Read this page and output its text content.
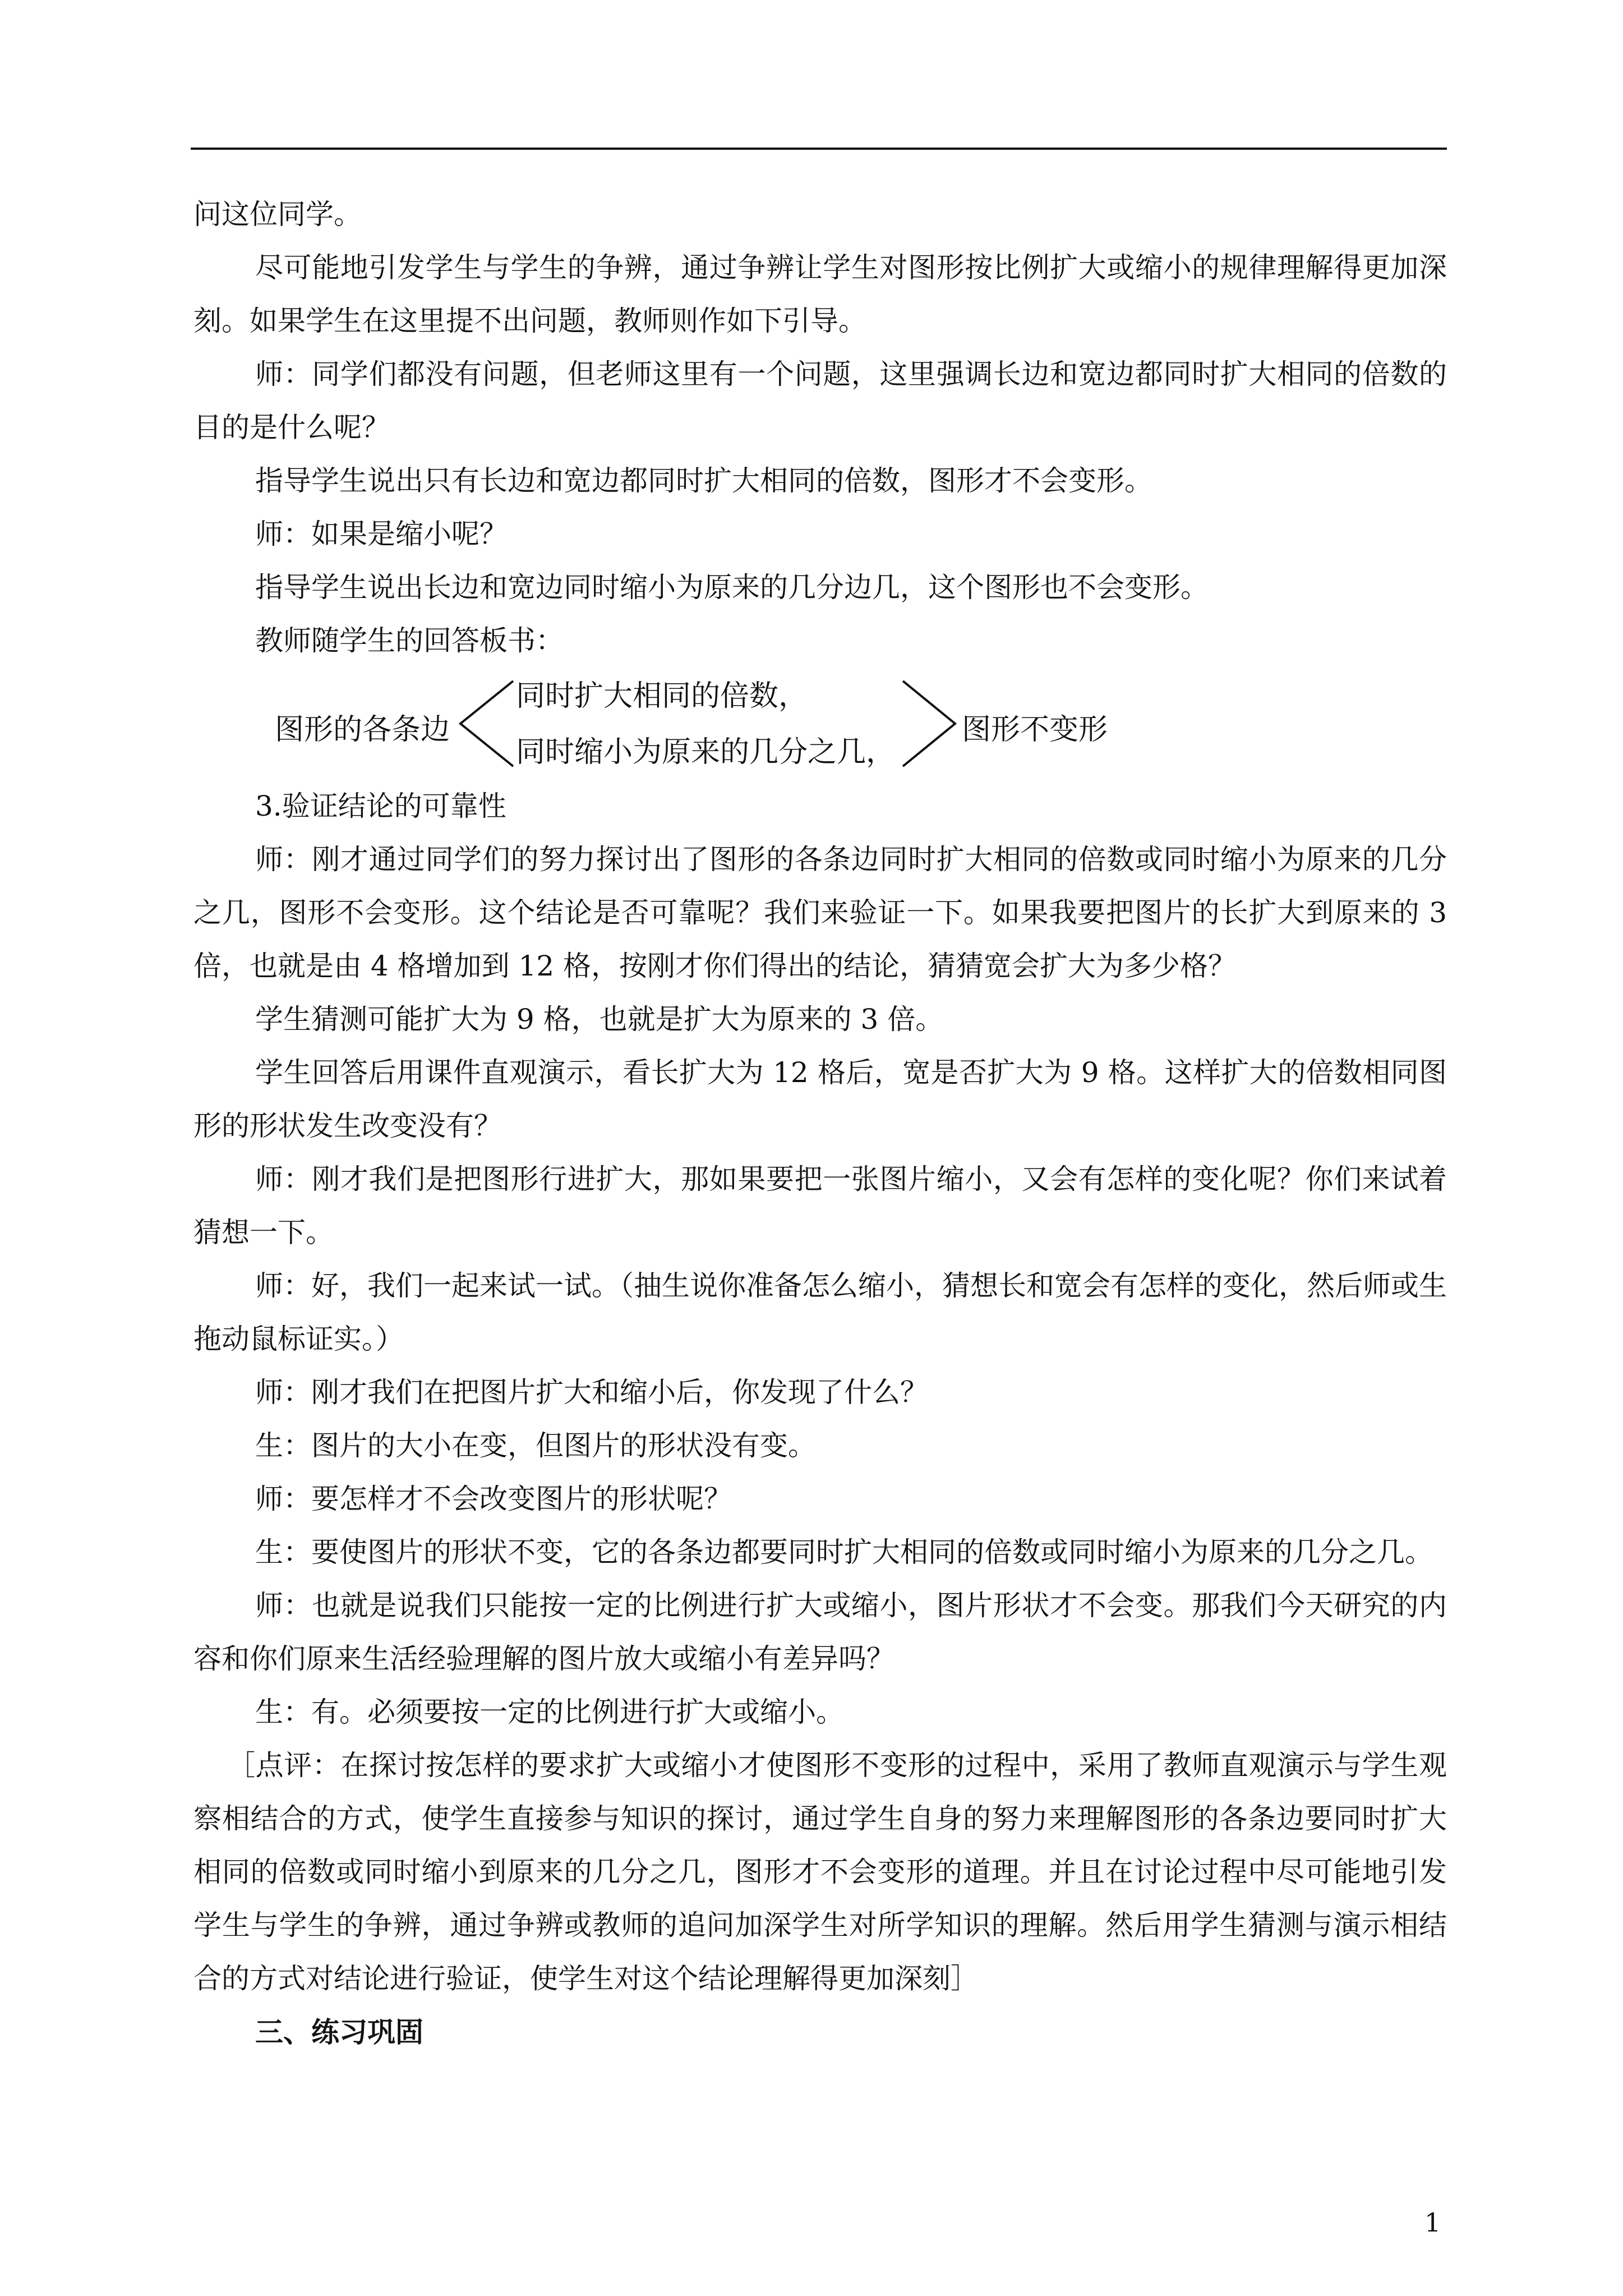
问这位同学。

尽可能地引发学生与学生的争辨，通过争辨让学生对图形按比例扩大或缩小的规律理解得更加深刻。如果学生在这里提不出问题，教师则作如下引导。

师：同学们都没有问题，但老师这里有一个问题，这里强调长边和宽边都同时扩大相同的倍数的目的是什么呢？

指导学生说出只有长边和宽边都同时扩大相同的倍数，图形才不会变形。

师：如果是缩小呢？

指导学生说出长边和宽边同时缩小为原来的几分边几，这个图形也不会变形。

教师随学生的回答板书：

图形的各条边
同时扩大相同的倍数，
同时缩小为原来的几分之几，
图形不变形

3.验证结论的可靠性

师：刚才通过同学们的努力探讨出了图形的各条边同时扩大相同的倍数或同时缩小为原来的几分之几，图形不会变形。这个结论是否可靠呢？我们来验证一下。如果我要把图片的长扩大到原来的 3 倍，也就是由 4 格增加到 12 格，按刚才你们得出的结论，猜猜宽会扩大为多少格？

学生猜测可能扩大为 9 格，也就是扩大为原来的 3 倍。

学生回答后用课件直观演示，看长扩大为 12 格后，宽是否扩大为 9 格。这样扩大的倍数相同图形的形状发生改变没有？

师：刚才我们是把图形行进扩大，那如果要把一张图片缩小，又会有怎样的变化呢？你们来试着猜想一下。

师：好，我们一起来试一试。（抽生说你准备怎么缩小，猜想长和宽会有怎样的变化，然后师或生拖动鼠标证实。）

师：刚才我们在把图片扩大和缩小后，你发现了什么？

生：图片的大小在变，但图片的形状没有变。

师：要怎样才不会改变图片的形状呢？

生：要使图片的形状不变，它的各条边都要同时扩大相同的倍数或同时缩小为原来的几分之几。

师：也就是说我们只能按一定的比例进行扩大或缩小，图片形状才不会变。那我们今天研究的内容和你们原来生活经验理解的图片放大或缩小有差异吗？

生：有。必须要按一定的比例进行扩大或缩小。

［点评：在探讨按怎样的要求扩大或缩小才使图形不变形的过程中，采用了教师直观演示与学生观察相结合的方式，使学生直接参与知识的探讨，通过学生自身的努力来理解图形的各条边要同时扩大相同的倍数或同时缩小到原来的几分之几，图形才不会变形的道理。并且在讨论过程中尽可能地引发学生与学生的争辨，通过争辨或教师的追问加深学生对所学知识的理解。然后用学生猜测与演示相结合的方式对结论进行验证，使学生对这个结论理解得更加深刻］

三、练习巩固

1
